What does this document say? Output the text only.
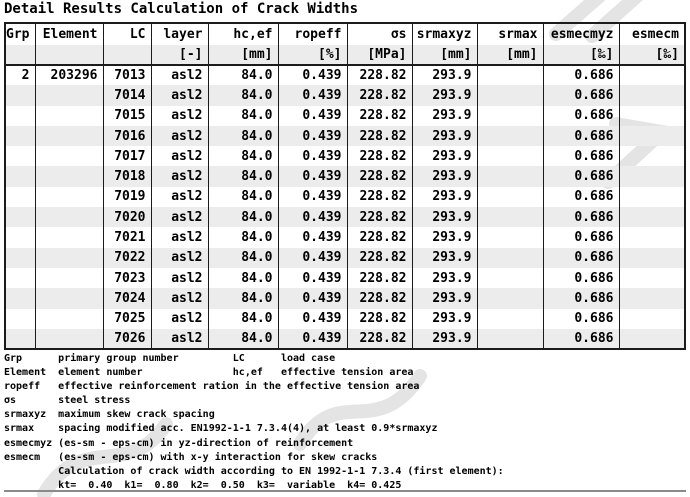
Detail Results Calculation of Crack Widths
Grp	Element	LC	layer	hc,ef	ropeff	σs	srmaxyz	srmax	esmecmyz	esmecm
			[-]	[mm]	[%]	[MPa]	[mm]	[mm]	[‰]	[‰]
2	203296	7013	asl2	84.0	0.439	228.82	293.9		0.686	
		7014	asl2	84.0	0.439	228.82	293.9		0.686	
		7015	asl2	84.0	0.439	228.82	293.9		0.686	
		7016	asl2	84.0	0.439	228.82	293.9		0.686	
		7017	asl2	84.0	0.439	228.82	293.9		0.686	
		7018	asl2	84.0	0.439	228.82	293.9		0.686	
		7019	asl2	84.0	0.439	228.82	293.9		0.686	
		7020	asl2	84.0	0.439	228.82	293.9		0.686	
		7021	asl2	84.0	0.439	228.82	293.9		0.686	
		7022	asl2	84.0	0.439	228.82	293.9		0.686	
		7023	asl2	84.0	0.439	228.82	293.9		0.686	
		7024	asl2	84.0	0.439	228.82	293.9		0.686	
		7025	asl2	84.0	0.439	228.82	293.9		0.686	
		7026	asl2	84.0	0.439	228.82	293.9		0.686	
Grp      primary group number         LC      load case
Element  element number               hc,ef   effective tension area
ropeff   effective reinforcement ration in the effective tension area
σs       steel stress
srmaxyz  maximum skew crack spacing
srmax    spacing modified acc. EN1992-1-1 7.3.4(4), at least 0.9*srmaxyz
esmecmyz (es-sm - eps-cm) in yz-direction of reinforcement
esmecm   (es-sm - eps-cm) with x-y interaction for skew cracks
Calculation of crack width according to EN 1992-1-1 7.3.4 (first element):
kt=  0.40  k1=  0.80  k2=  0.50  k3=  variable  k4= 0.425
